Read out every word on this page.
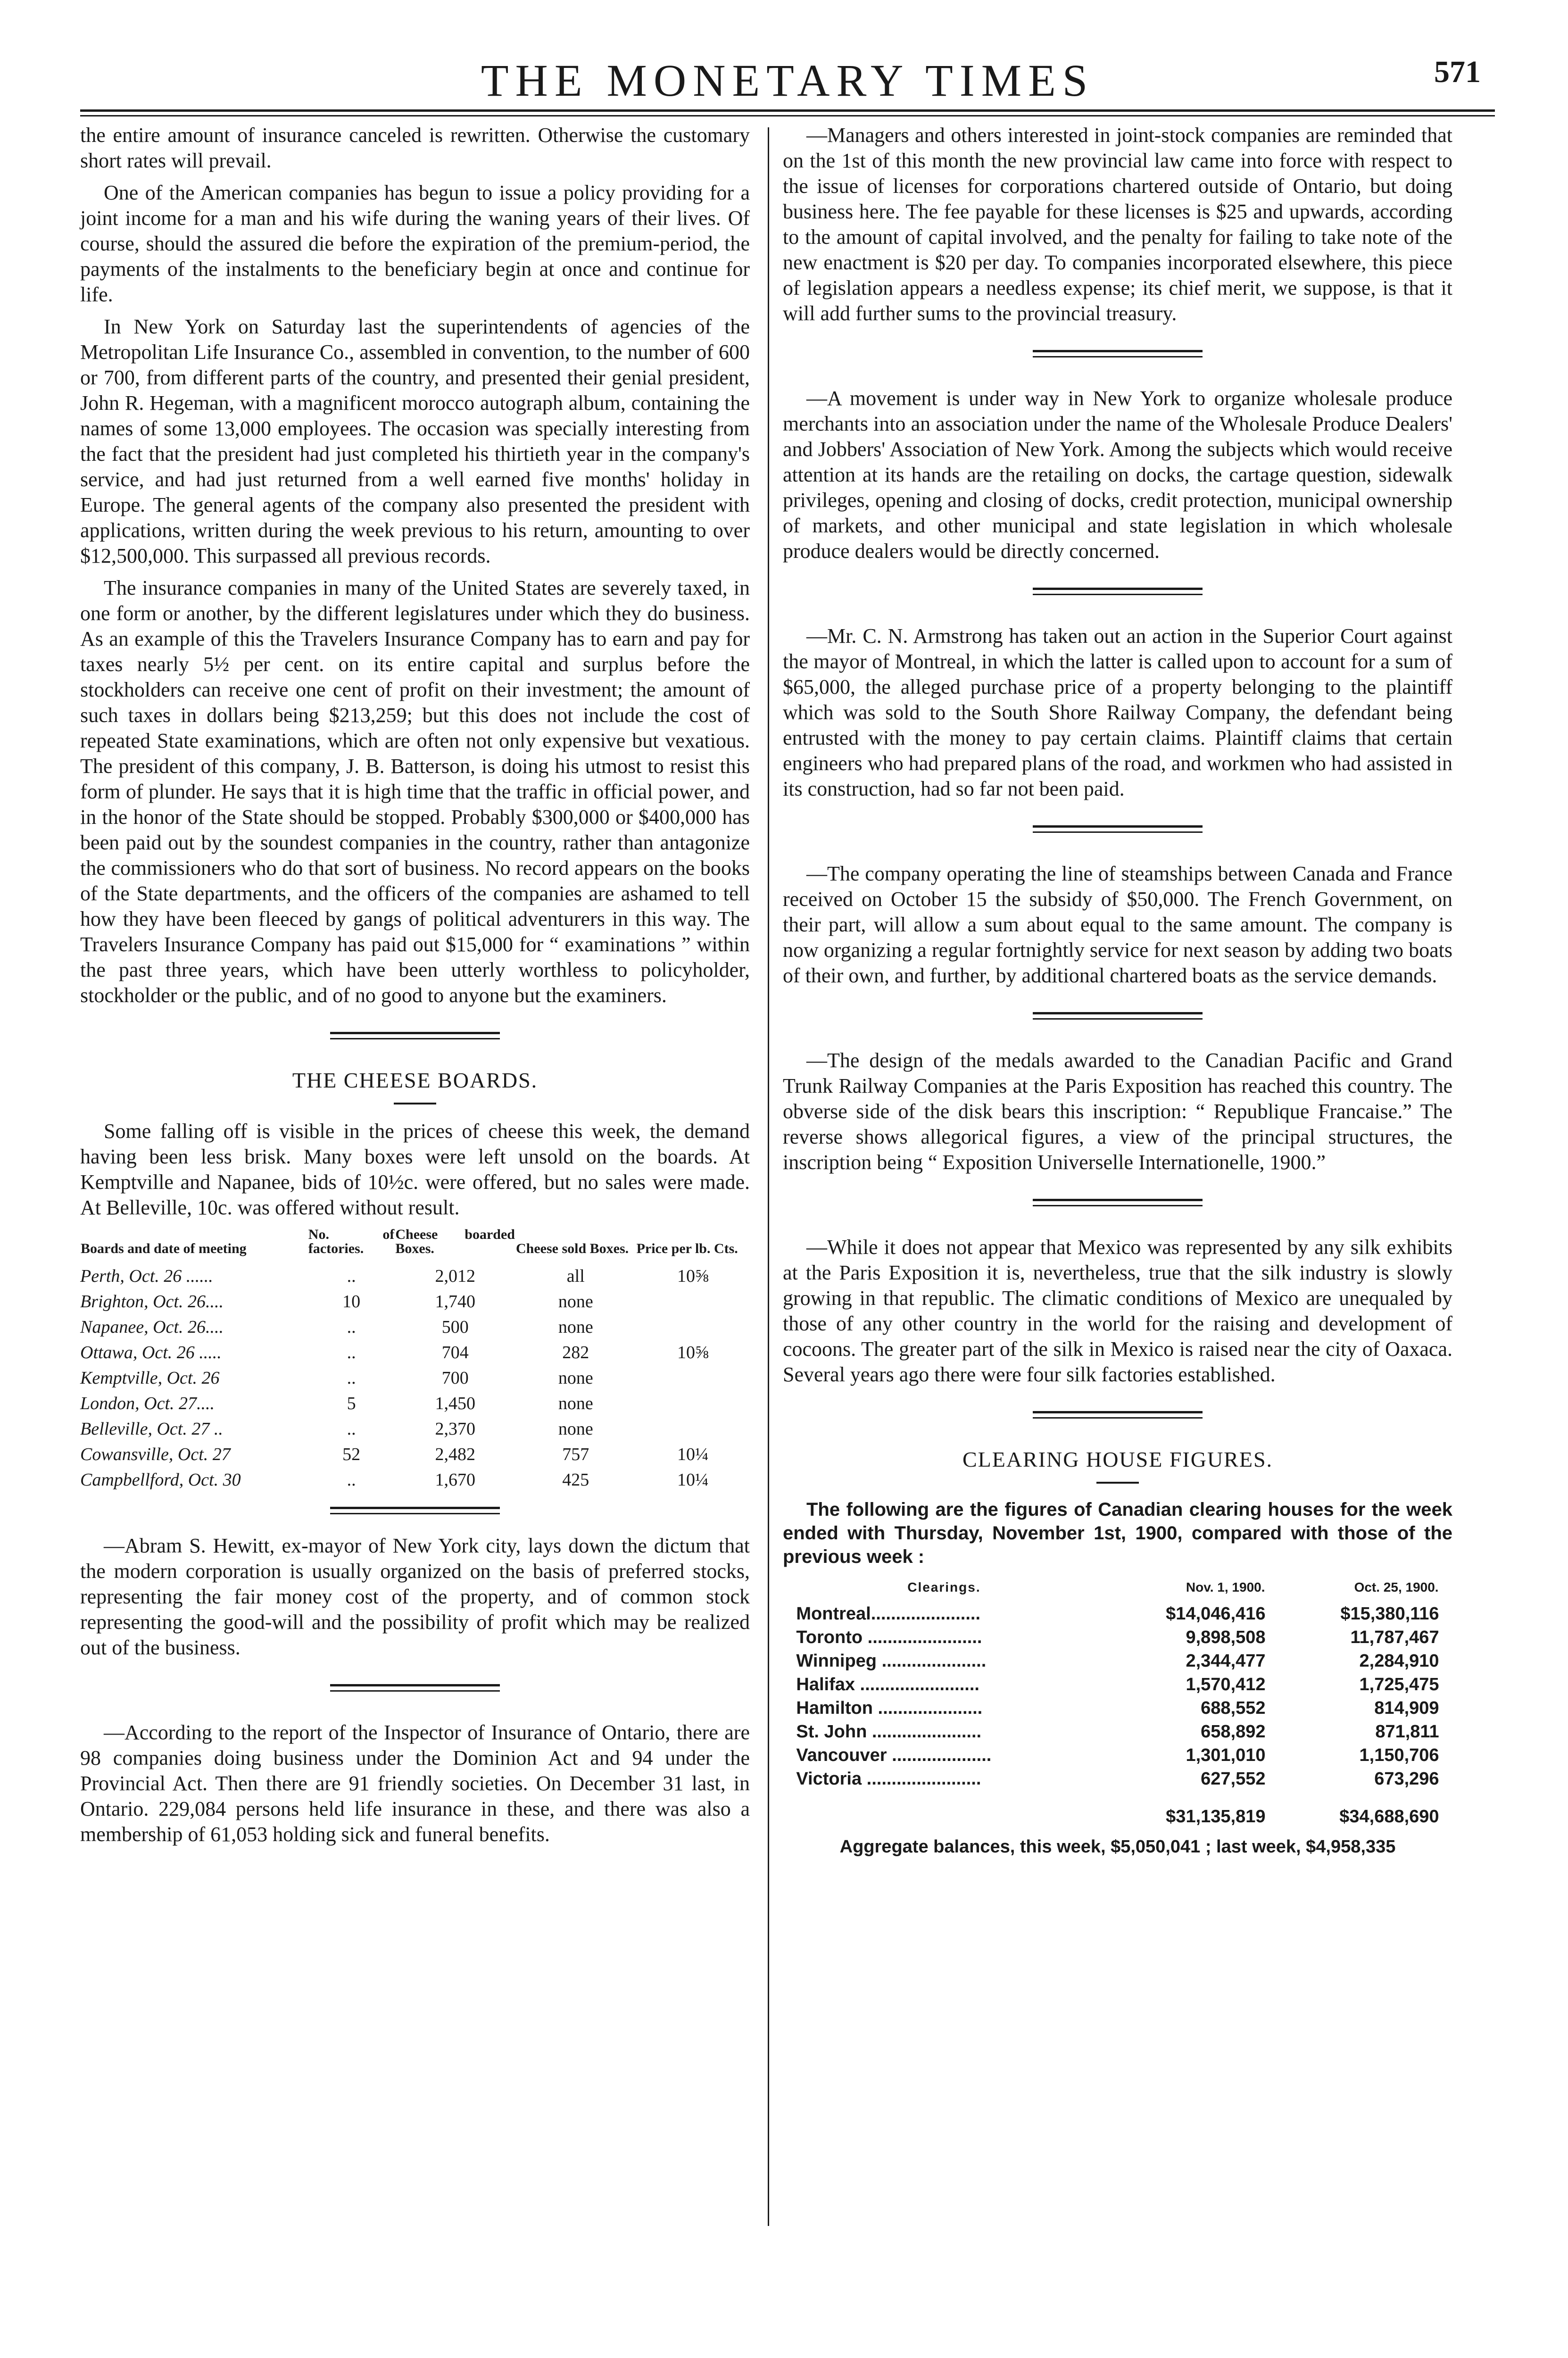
THE MONETARY TIMES	571

the entire amount of insurance canceled is rewritten. Otherwise the customary short rates will prevail.

One of the American companies has begun to issue a policy providing for a joint income for a man and his wife during the waning years of their lives. Of course, should the assured die before the expiration of the premium-period, the payments of the instalments to the beneficiary begin at once and continue for life.

In New York on Saturday last the superintendents of agencies of the Metropolitan Life Insurance Co., assembled in convention, to the number of 600 or 700, from different parts of the country, and presented their genial president, John R. Hegeman, with a magnificent morocco autograph album, containing the names of some 13,000 employees. The occasion was specially interesting from the fact that the president had just completed his thirtieth year in the company's service, and had just returned from a well earned five months' holiday in Europe. The general agents of the company also presented the president with applications, written during the week previous to his return, amounting to over $12,500,000. This surpassed all previous records.

The insurance companies in many of the United States are severely taxed, in one form or another, by the different legislatures under which they do business. As an example of this the Travelers Insurance Company has to earn and pay for taxes nearly 5½ per cent. on its entire capital and surplus before the stockholders can receive one cent of profit on their investment; the amount of such taxes in dollars being $213,259; but this does not include the cost of repeated State examinations, which are often not only expensive but vexatious. The president of this company, J. B. Batterson, is doing his utmost to resist this form of plunder. He says that it is high time that the traffic in official power, and in the honor of the State should be stopped. Probably $300,000 or $400,000 has been paid out by the soundest companies in the country, rather than antagonize the commissioners who do that sort of business. No record appears on the books of the State departments, and the officers of the companies are ashamed to tell how they have been fleeced by gangs of political adventurers in this way. The Travelers Insurance Company has paid out $15,000 for “ examinations ” within the past three years, which have been utterly worthless to policyholder, stockholder or the public, and of no good to anyone but the examiners.

THE CHEESE BOARDS.

Some falling off is visible in the prices of cheese this week, the demand having been less brisk. Many boxes were left unsold on the boards. At Kemptville and Napanee, bids of 10½c. were offered, but no sales were made. At Belleville, 10c. was offered without result.

Boards and date of meeting	No. of factories.	Cheese boarded Boxes.	Cheese sold Boxes.	Price per lb. Cts.
Perth, Oct. 26 ......	..	2,012	all	10⅝
Brighton, Oct. 26....	10	1,740	none	
Napanee, Oct. 26....	..	500	none	
Ottawa, Oct. 26 .....	..	704	282	10⅝
Kemptville, Oct. 26	..	700	none	
London, Oct. 27....	5	1,450	none	
Belleville, Oct. 27 ..	..	2,370	none	
Cowansville, Oct. 27	52	2,482	757	10¼
Campbellford, Oct. 30	..	1,670	425	10¼

—Abram S. Hewitt, ex-mayor of New York city, lays down the dictum that the modern corporation is usually organized on the basis of preferred stocks, representing the fair money cost of the property, and of common stock representing the good-will and the possibility of profit which may be realized out of the business.

—According to the report of the Inspector of Insurance of Ontario, there are 98 companies doing business under the Dominion Act and 94 under the Provincial Act. Then there are 91 friendly societies. On December 31 last, in Ontario. 229,084 persons held life insurance in these, and there was also a membership of 61,053 holding sick and funeral benefits.

—Managers and others interested in joint-stock companies are reminded that on the 1st of this month the new provincial law came into force with respect to the issue of licenses for corporations chartered outside of Ontario, but doing business here. The fee payable for these licenses is $25 and upwards, according to the amount of capital involved, and the penalty for failing to take note of the new enactment is $20 per day. To companies incorporated elsewhere, this piece of legislation appears a needless expense; its chief merit, we suppose, is that it will add further sums to the provincial treasury.

—A movement is under way in New York to organize wholesale produce merchants into an association under the name of the Wholesale Produce Dealers' and Jobbers' Association of New York. Among the subjects which would receive attention at its hands are the retailing on docks, the cartage question, sidewalk privileges, opening and closing of docks, credit protection, municipal ownership of markets, and other municipal and state legislation in which wholesale produce dealers would be directly concerned.

—Mr. C. N. Armstrong has taken out an action in the Superior Court against the mayor of Montreal, in which the latter is called upon to account for a sum of $65,000, the alleged purchase price of a property belonging to the plaintiff which was sold to the South Shore Railway Company, the defendant being entrusted with the money to pay certain claims. Plaintiff claims that certain engineers who had prepared plans of the road, and workmen who had assisted in its construction, had so far not been paid.

—The company operating the line of steamships between Canada and France received on October 15 the subsidy of $50,000. The French Government, on their part, will allow a sum about equal to the same amount. The company is now organizing a regular fortnightly service for next season by adding two boats of their own, and further, by additional chartered boats as the service demands.

—The design of the medals awarded to the Canadian Pacific and Grand Trunk Railway Companies at the Paris Exposition has reached this country. The obverse side of the disk bears this inscription: “ Republique Francaise.” The reverse shows allegorical figures, a view of the principal structures, the inscription being “ Exposition Universelle Internationelle, 1900.”

—While it does not appear that Mexico was represented by any silk exhibits at the Paris Exposition it is, nevertheless, true that the silk industry is slowly growing in that republic. The climatic conditions of Mexico are unequaled by those of any other country in the world for the raising and development of cocoons. The greater part of the silk in Mexico is raised near the city of Oaxaca. Several years ago there were four silk factories established.

CLEARING HOUSE FIGURES.

The following are the figures of Canadian clearing houses for the week ended with Thursday, November 1st, 1900, compared with those of the previous week :

Clearings.	Nov. 1, 1900.	Oct. 25, 1900.
Montreal......................	$14,046,416	$15,380,116
Toronto .......................	9,898,508	11,787,467
Winnipeg .....................	2,344,477	2,284,910
Halifax ........................	1,570,412	1,725,475
Hamilton .....................	688,552	814,909
St. John ......................	658,892	871,811
Vancouver ....................	1,301,010	1,150,706
Victoria .......................	627,552	673,296
	$31,135,819	$34,688,690
Aggregate balances, this week, $5,050,041 ; last week, $4,958,335
